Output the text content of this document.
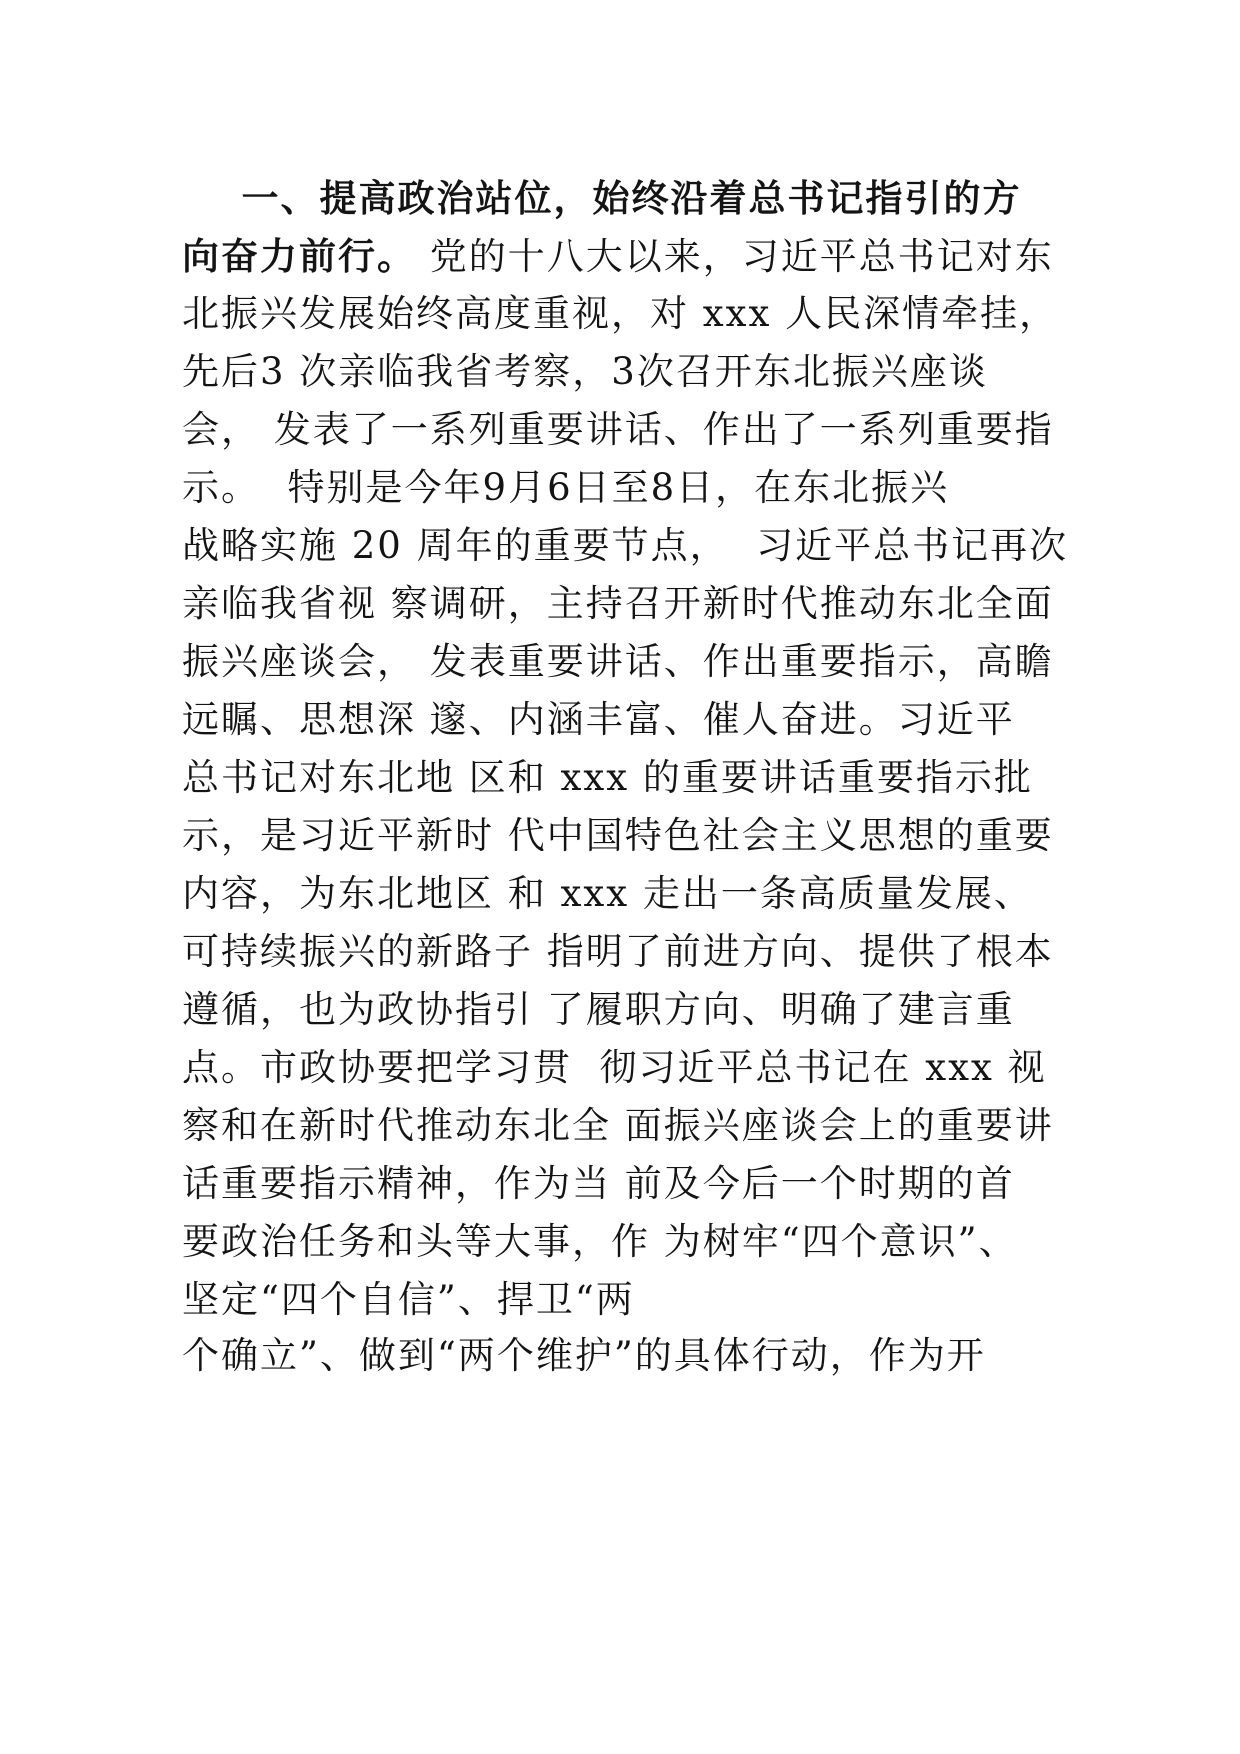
一、提高政治站位，始终沿着总书记指引的方
向奋力前行。 党的十八大以来，习近平总书记对东
北振兴发展始终高度重视，对 xxx 人民深情牵挂，
先后3 次亲临我省考察，3次召开东北振兴座谈
会， 发表了一系列重要讲话、作出了一系列重要指
示。  特别是今年9月6日至8日，在东北振兴
战略实施 20 周年的重要节点，  习近平总书记再次
亲临我省视 察调研，主持召开新时代推动东北全面
振兴座谈会， 发表重要讲话、作出重要指示，高瞻
远瞩、思想深 邃、内涵丰富、催人奋进。习近平
总书记对东北地 区和 xxx 的重要讲话重要指示批
示，是习近平新时 代中国特色社会主义思想的重要
内容，为东北地区 和 xxx 走出一条高质量发展、
可持续振兴的新路子 指明了前进方向、提供了根本
遵循，也为政协指引 了履职方向、明确了建言重
点。市政协要把学习贯  彻习近平总书记在 xxx 视
察和在新时代推动东北全 面振兴座谈会上的重要讲
话重要指示精神，作为当 前及今后一个时期的首
要政治任务和头等大事，作 为树牢“四个意识”、
坚定“四个自信”、捍卫“两
个确立”、做到“两个维护”的具体行动，作为开
